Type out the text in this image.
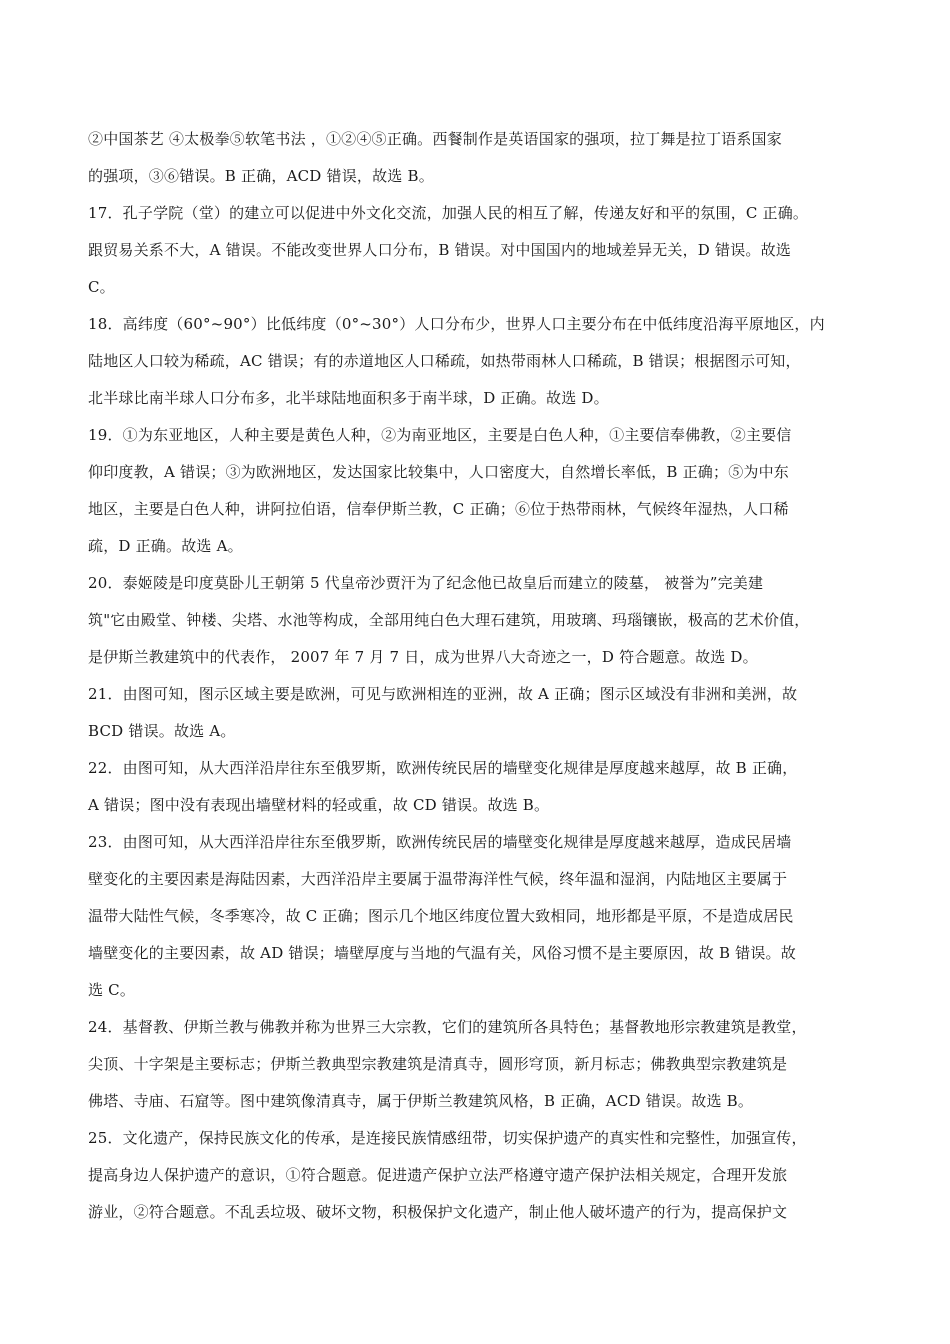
②中国茶艺 ④太极拳⑤软笔书法 ，①②④⑤正确。西餐制作是英语国家的强项，拉丁舞是拉丁语系国家
的强项，③⑥错误。B 正确，ACD 错误，故选 B。
17．孔子学院（堂）的建立可以促进中外文化交流，加强人民的相互了解，传递友好和平的氛围，C 正确。
跟贸易关系不大，A 错误。不能改变世界人口分布，B 错误。对中国国内的地域差异无关，D 错误。故选
C。
18．高纬度（60°~90°）比低纬度（0°~30°）人口分布少，世界人口主要分布在中低纬度沿海平原地区，内
陆地区人口较为稀疏，AC 错误；有的赤道地区人口稀疏，如热带雨林人口稀疏，B 错误；根据图示可知，
北半球比南半球人口分布多，北半球陆地面积多于南半球，D 正确。故选 D。
19．①为东亚地区，人种主要是黄色人种，②为南亚地区，主要是白色人种，①主要信奉佛教，②主要信
仰印度教，A 错误；③为欧洲地区，发达国家比较集中，人口密度大，自然增长率低，B 正确；⑤为中东
地区，主要是白色人种，讲阿拉伯语，信奉伊斯兰教，C 正确；⑥位于热带雨林，气候终年湿热，人口稀
疏，D 正确。故选 A。
20．泰姬陵是印度莫卧儿王朝第 5 代皇帝沙贾汗为了纪念他已故皇后而建立的陵墓， 被誉为”完美建
筑"它由殿堂、钟楼、尖塔、水池等构成，全部用纯白色大理石建筑，用玻璃、玛瑙镶嵌，极高的艺术价值，
是伊斯兰教建筑中的代表作， 2007 年 7 月 7 日，成为世界八大奇迹之一，D 符合题意。故选 D。
21．由图可知，图示区域主要是欧洲，可见与欧洲相连的亚洲，故 A 正确；图示区域没有非洲和美洲，故
BCD 错误。故选 A。
22．由图可知，从大西洋沿岸往东至俄罗斯，欧洲传统民居的墙壁变化规律是厚度越来越厚，故 B 正确，
A 错误；图中没有表现出墙壁材料的轻或重，故 CD 错误。故选 B。
23．由图可知，从大西洋沿岸往东至俄罗斯，欧洲传统民居的墙壁变化规律是厚度越来越厚，造成民居墙
壁变化的主要因素是海陆因素，大西洋沿岸主要属于温带海洋性气候，终年温和湿润，内陆地区主要属于
温带大陆性气候，冬季寒冷，故 C 正确；图示几个地区纬度位置大致相同，地形都是平原，不是造成居民
墙壁变化的主要因素，故 AD 错误；墙壁厚度与当地的气温有关，风俗习惯不是主要原因，故 B 错误。故
选 C。
24．基督教、伊斯兰教与佛教并称为世界三大宗教，它们的建筑所各具特色；基督教地形宗教建筑是教堂，
尖顶、十字架是主要标志；伊斯兰教典型宗教建筑是清真寺，圆形穹顶，新月标志；佛教典型宗教建筑是
佛塔、寺庙、石窟等。图中建筑像清真寺，属于伊斯兰教建筑风格，B 正确，ACD 错误。故选 B。
25．文化遗产，保持民族文化的传承，是连接民族情感纽带，切实保护遗产的真实性和完整性，加强宣传，
提高身边人保护遗产的意识，①符合题意。促进遗产保护立法严格遵守遗产保护法相关规定，合理开发旅
游业，②符合题意。不乱丢垃圾、破坏文物，积极保护文化遗产，制止他人破坏遗产的行为，提高保护文
